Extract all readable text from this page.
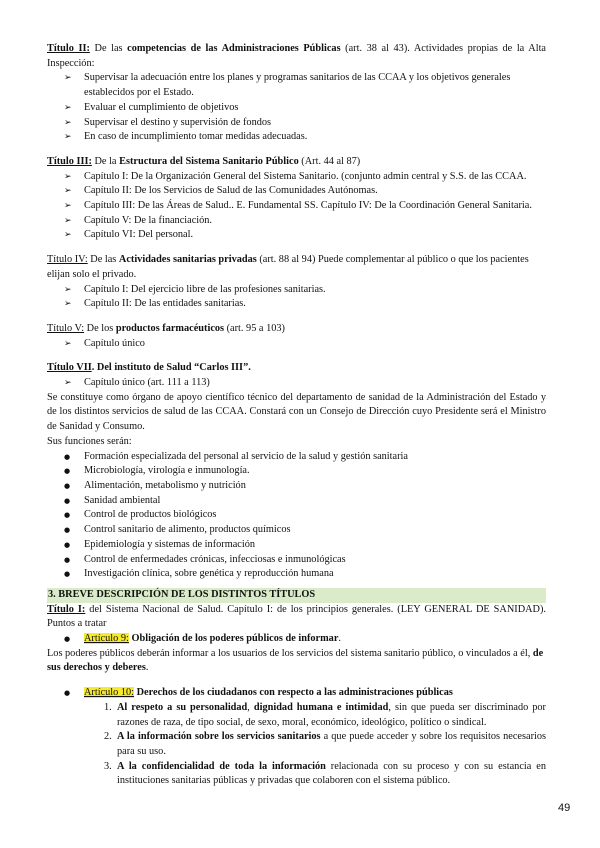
Título II: De las competencias de las Administraciones Públicas (art. 38 al 43). Actividades propias de la Alta Inspección:

➢ Supervisar la adecuación entre los planes y programas sanitarios de las CCAA y los objetivos generales establecidos por el Estado.
➢ Evaluar el cumplimiento de objetivos
➢ Supervisar el destino y supervisión de fondos
➢ En caso de incumplimiento tomar medidas adecuadas.

Título III: De la Estructura del Sistema Sanitario Público (Art. 44 al 87)

➢ Capítulo I: De la Organización General del Sistema Sanitario. (conjunto admin central y S.S. de las CCAA.
➢ Capítulo II: De los Servicios de Salud de las Comunidades Autónomas.
➢ Capítulo III: De las Áreas de Salud.. E. Fundamental SS. Capítulo IV: De la Coordinación General Sanitaria.
➢ Capítulo V: De la financiación.
➢ Capítulo VI: Del personal.

Título IV: De las Actividades sanitarias privadas (art. 88 al 94) Puede complementar al público o que los pacientes elijan solo el privado.

➢ Capítulo I: Del ejercicio libre de las profesiones sanitarias.
➢ Capítulo II: De las entidades sanitarias.

Título V: De los productos farmacéuticos (art. 95 a 103)

➢ Capítulo único

Título VII. Del instituto de Salud “Carlos III”.

➢ Capítulo único (art. 111 a 113)

Se constituye como órgano de apoyo científico técnico del departamento de sanidad de la Administración del Estado y de los distintos servicios de salud de las CCAA. Constará con un Consejo de Dirección cuyo Presidente será el Ministro de Sanidad y Consumo.

Sus funciones serán:

● Formación especializada del personal al servicio de la salud y gestión sanitaria
● Microbiología, virología e inmunología.
● Alimentación, metabolismo y nutrición
● Sanidad ambiental
● Control de productos biológicos
● Control sanitario de alimento, productos químicos
● Epidemiología y sistemas de información
● Control de enfermedades crónicas, infecciosas e inmunológicas
● Investigación clínica, sobre genética y reproducción humana

3. BREVE DESCRIPCIÓN DE LOS DISTINTOS TÍTULOS

Título I: del Sistema Nacional de Salud. Capítulo I: de los principios generales. (LEY GENERAL DE SANIDAD). Puntos a tratar

● Artículo 9: Obligación de los poderes públicos de informar.

Los poderes públicos deberán informar a los usuarios de los servicios del sistema sanitario público, o vinculados a él, de sus derechos y deberes.

● Artículo 10: Derechos de los ciudadanos con respecto a las administraciones públicas

1. Al respeto a su personalidad, dignidad humana e intimidad, sin que pueda ser discriminado por razones de raza, de tipo social, de sexo, moral, económico, ideológico, político o sindical.
2. A la información sobre los servicios sanitarios a que puede acceder y sobre los requisitos necesarios para su uso.
3. A la confidencialidad de toda la información relacionada con su proceso y con su estancia en instituciones sanitarias públicas y privadas que colaboren con el sistema público.
49
